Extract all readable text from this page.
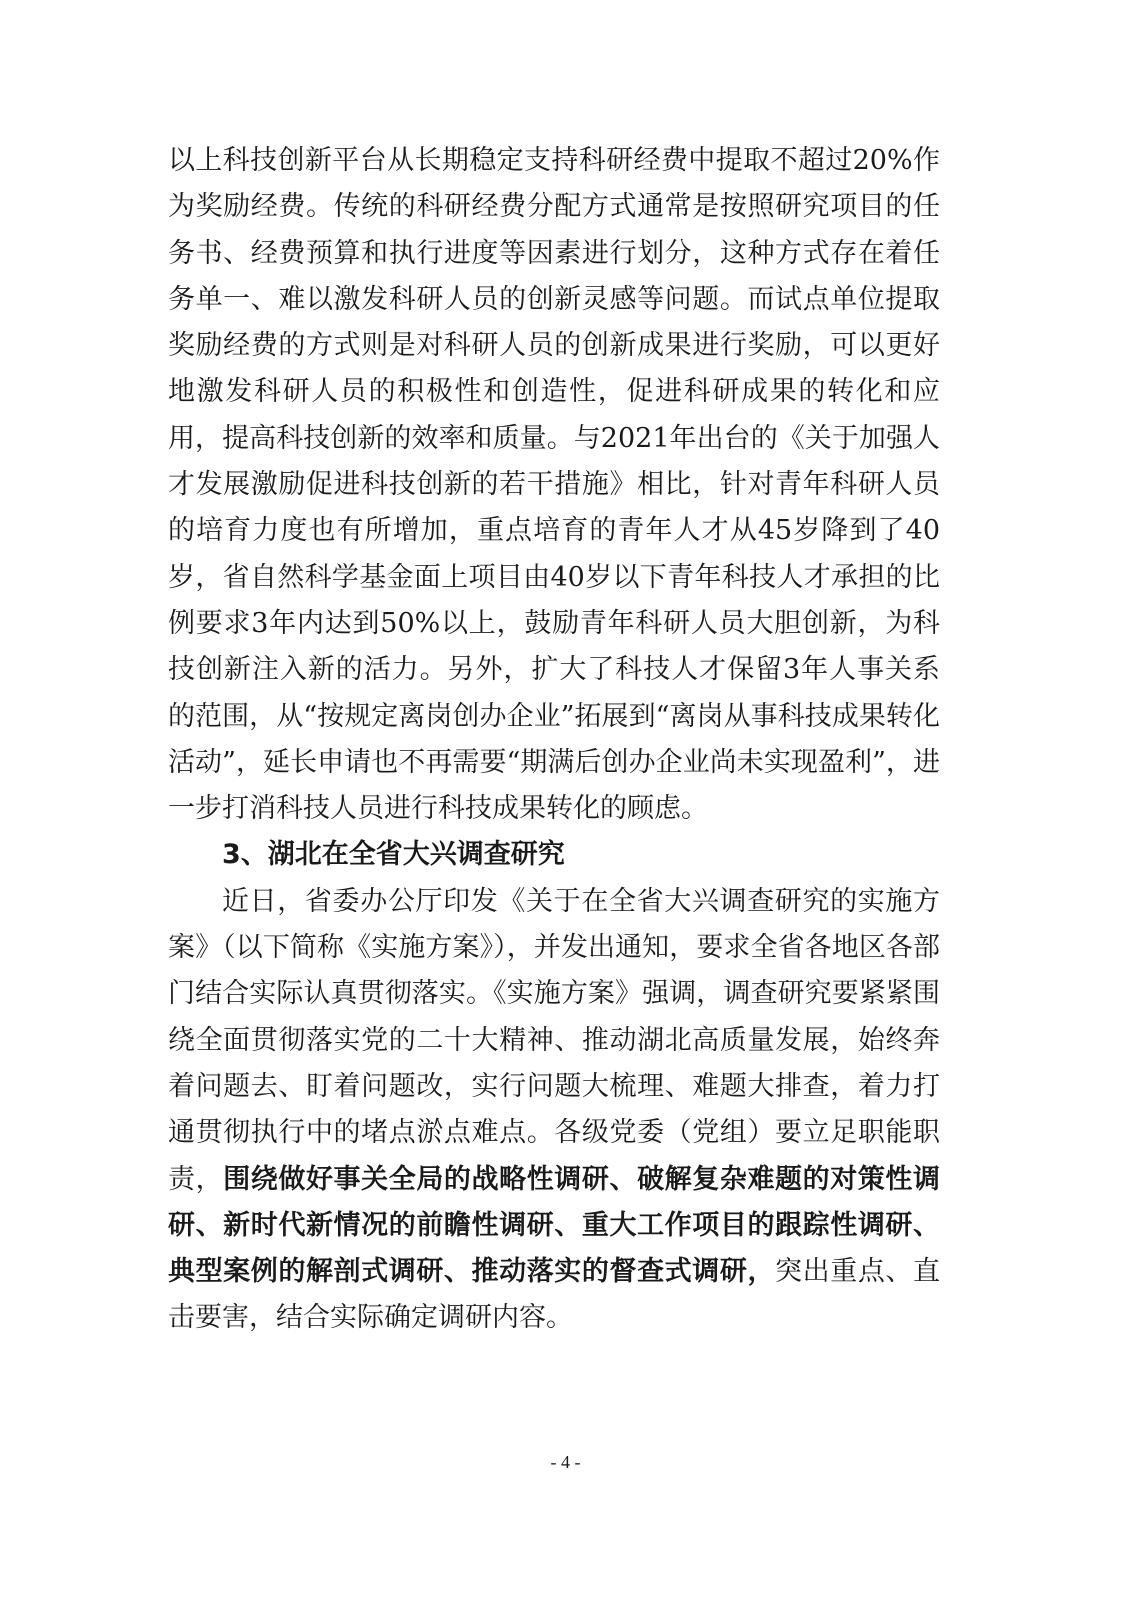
以上科技创新平台从长期稳定支持科研经费中提取不超过20%作为奖励经费。传统的科研经费分配方式通常是按照研究项目的任务书、经费预算和执行进度等因素进行划分，这种方式存在着任务单一、难以激发科研人员的创新灵感等问题。而试点单位提取奖励经费的方式则是对科研人员的创新成果进行奖励，可以更好地激发科研人员的积极性和创造性，促进科研成果的转化和应用，提高科技创新的效率和质量。与2021年出台的《关于加强人才发展激励促进科技创新的若干措施》相比，针对青年科研人员的培育力度也有所增加，重点培育的青年人才从45岁降到了40岁，省自然科学基金面上项目由40岁以下青年科技人才承担的比例要求3年内达到50%以上，鼓励青年科研人员大胆创新，为科技创新注入新的活力。另外，扩大了科技人才保留3年人事关系的范围，从“按规定离岗创办企业”拓展到“离岗从事科技成果转化活动”，延长申请也不再需要“期满后创办企业尚未实现盈利”，进一步打消科技人员进行科技成果转化的顾虑。

3、湖北在全省大兴调查研究

近日，省委办公厅印发《关于在全省大兴调查研究的实施方案》（以下简称《实施方案》），并发出通知，要求全省各地区各部门结合实际认真贯彻落实。《实施方案》强调，调查研究要紧紧围绕全面贯彻落实党的二十大精神、推动湖北高质量发展，始终奔着问题去、盯着问题改，实行问题大梳理、难题大排查，着力打通贯彻执行中的堵点淤点难点。各级党委（党组）要立足职能职责，围绕做好事关全局的战略性调研、破解复杂难题的对策性调研、新时代新情况的前瞻性调研、重大工作项目的跟踪性调研、典型案例的解剖式调研、推动落实的督查式调研，突出重点、直击要害，结合实际确定调研内容。

- 4 -
